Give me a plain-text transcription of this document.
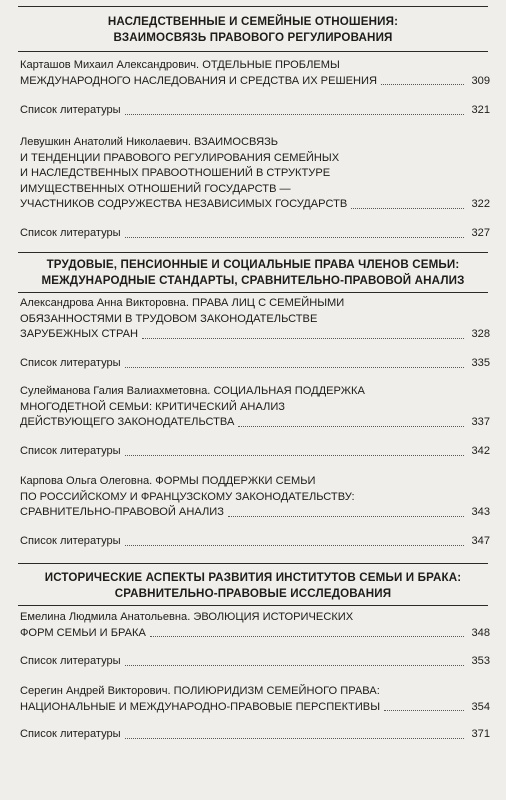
НАСЛЕДСТВЕННЫЕ И СЕМЕЙНЫЕ ОТНОШЕНИЯ:
ВЗАИМОСВЯЗЬ ПРАВОВОГО РЕГУЛИРОВАНИЯ
Карташов Михаил Александрович. ОТДЕЛЬНЫЕ ПРОБЛЕМЫ
МЕЖДУНАРОДНОГО НАСЛЕДОВАНИЯ И СРЕДСТВА ИХ РЕШЕНИЯ	309
Список литературы	321
Левушкин Анатолий Николаевич. ВЗАИМОСВЯЗЬ
И ТЕНДЕНЦИИ ПРАВОВОГО РЕГУЛИРОВАНИЯ СЕМЕЙНЫХ
И НАСЛЕДСТВЕННЫХ ПРАВООТНОШЕНИЙ В СТРУКТУРЕ
ИМУЩЕСТВЕННЫХ ОТНОШЕНИЙ ГОСУДАРСТВ —
УЧАСТНИКОВ СОДРУЖЕСТВА НЕЗАВИСИМЫХ ГОСУДАРСТВ	322
Список литературы	327
ТРУДОВЫЕ, ПЕНСИОННЫЕ И СОЦИАЛЬНЫЕ ПРАВА ЧЛЕНОВ СЕМЬИ:
МЕЖДУНАРОДНЫЕ СТАНДАРТЫ, СРАВНИТЕЛЬНО-ПРАВОВОЙ АНАЛИЗ
Александрова Анна Викторовна. ПРАВА ЛИЦ С СЕМЕЙНЫМИ
ОБЯЗАННОСТЯМИ В ТРУДОВОМ ЗАКОНОДАТЕЛЬСТВЕ
ЗАРУБЕЖНЫХ СТРАН	328
Список литературы	335
Сулейманова Галия Валиахметовна. СОЦИАЛЬНАЯ ПОДДЕРЖКА
МНОГОДЕТНОЙ СЕМЬИ: КРИТИЧЕСКИЙ АНАЛИЗ
ДЕЙСТВУЮЩЕГО ЗАКОНОДАТЕЛЬСТВА	337
Список литературы	342
Карпова Ольга Олеговна. ФОРМЫ ПОДДЕРЖКИ СЕМЬИ
ПО РОССИЙСКОМУ И ФРАНЦУЗСКОМУ ЗАКОНОДАТЕЛЬСТВУ:
СРАВНИТЕЛЬНО-ПРАВОВОЙ АНАЛИЗ	343
Список литературы	347
ИСТОРИЧЕСКИЕ АСПЕКТЫ РАЗВИТИЯ ИНСТИТУТОВ СЕМЬИ И БРАКА:
СРАВНИТЕЛЬНО-ПРАВОВЫЕ ИССЛЕДОВАНИЯ
Емелина Людмила Анатольевна. ЭВОЛЮЦИЯ ИСТОРИЧЕСКИХ
ФОРМ СЕМЬИ И БРАКА	348
Список литературы	353
Серегин Андрей Викторович. ПОЛИЮРИДИЗМ СЕМЕЙНОГО ПРАВА:
НАЦИОНАЛЬНЫЕ И МЕЖДУНАРОДНО-ПРАВОВЫЕ ПЕРСПЕКТИВЫ	354
Список литературы	371
